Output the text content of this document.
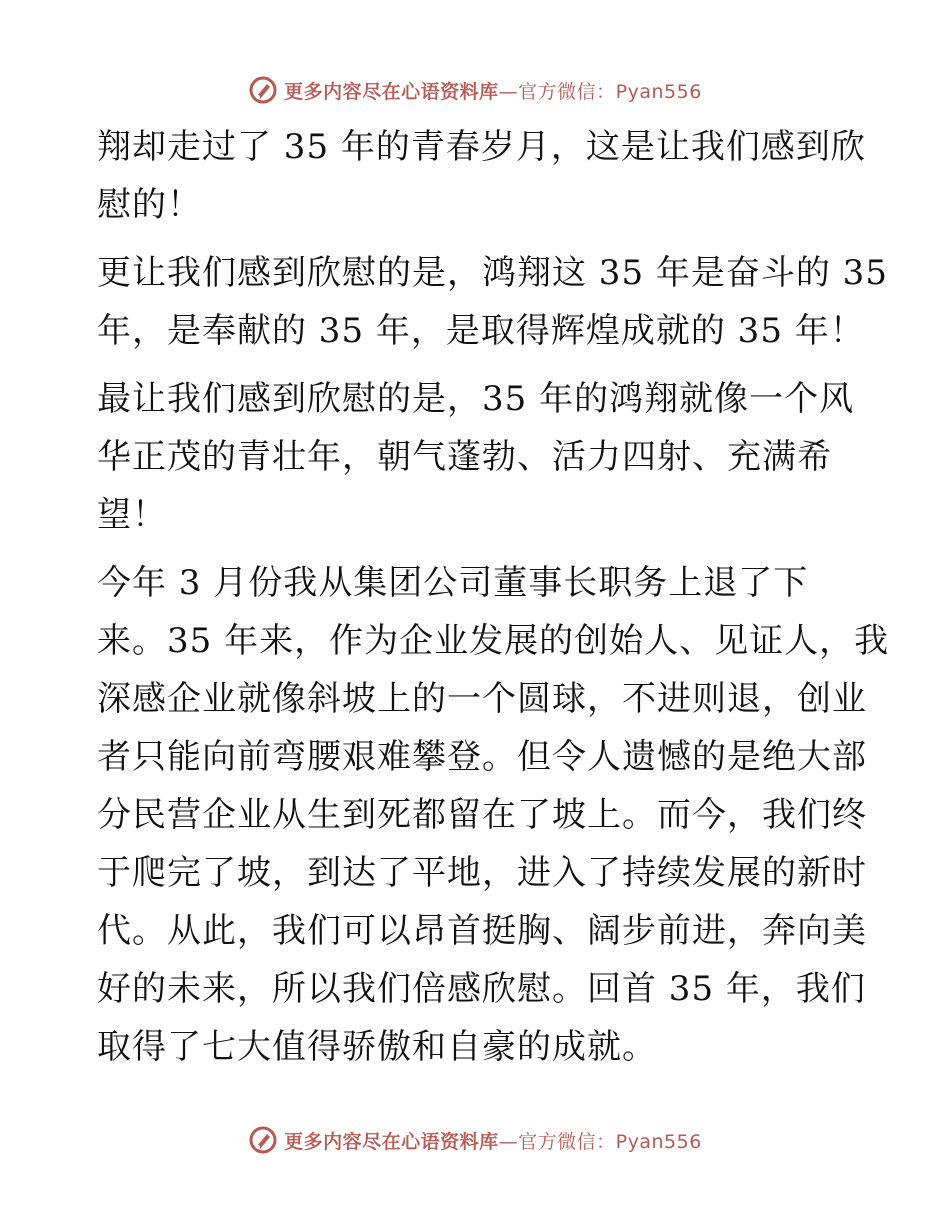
更多内容尽在心语资料库—官方微信：Pyan556

翔却走过了 35 年的青春岁月，这是让我们感到欣
慰的！

更让我们感到欣慰的是，鸿翔这 35 年是奋斗的 35
年，是奉献的 35 年，是取得辉煌成就的 35 年！

最让我们感到欣慰的是，35 年的鸿翔就像一个风
华正茂的青壮年，朝气蓬勃、活力四射、充满希
望！

今年 3 月份我从集团公司董事长职务上退了下
来。35 年来，作为企业发展的创始人、见证人，我
深感企业就像斜坡上的一个圆球，不进则退，创业
者只能向前弯腰艰难攀登。但令人遗憾的是绝大部
分民营企业从生到死都留在了坡上。而今，我们终
于爬完了坡，到达了平地，进入了持续发展的新时
代。从此，我们可以昂首挺胸、阔步前进，奔向美
好的未来，所以我们倍感欣慰。回首 35 年，我们
取得了七大值得骄傲和自豪的成就。

更多内容尽在心语资料库—官方微信：Pyan556
